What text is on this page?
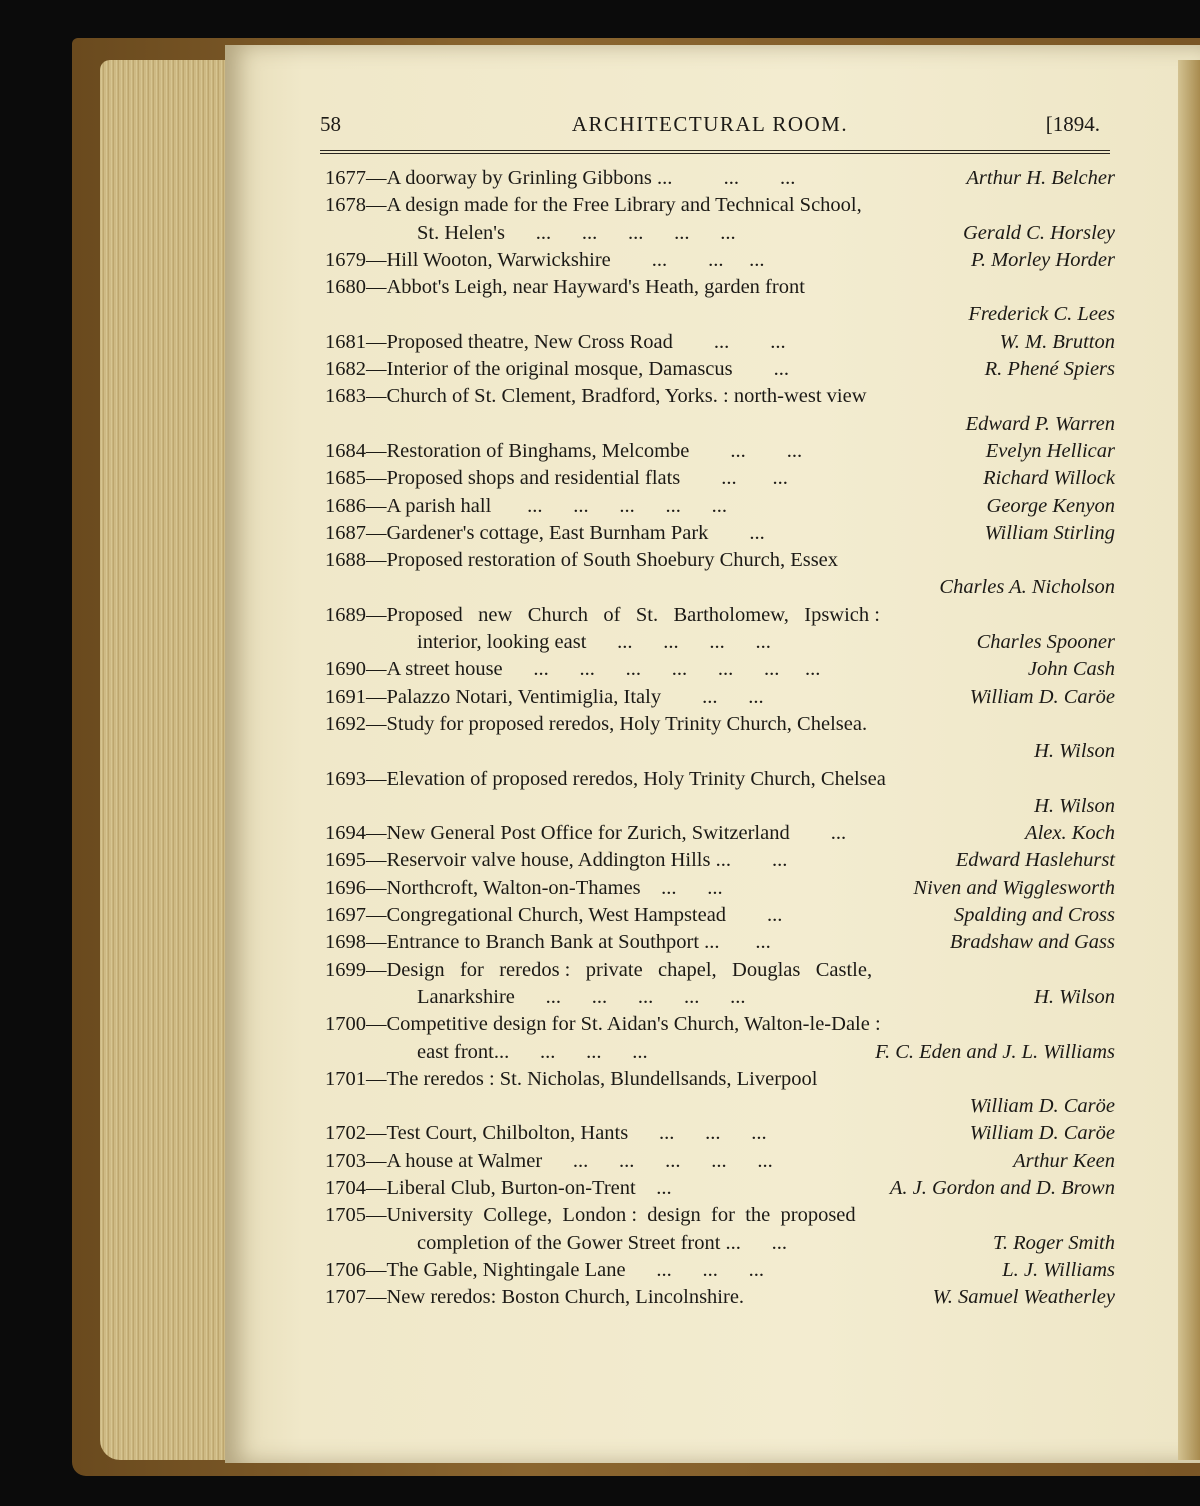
58	ARCHITECTURAL ROOM.	[1894.
1677—A doorway by Grinling Gibbons ...          ...        ...	Arthur H. Belcher
1678—A design made for the Free Library and Technical School,
St. Helen's      ...      ...      ...      ...      ...	Gerald C. Horsley
1679—Hill Wooton, Warwickshire        ...        ...     ...	P. Morley Horder
1680—Abbot's Leigh, near Hayward's Heath, garden front
Frederick C. Lees
1681—Proposed theatre, New Cross Road        ...        ...	W. M. Brutton
1682—Interior of the original mosque, Damascus        ...	R. Phené Spiers
1683—Church of St. Clement, Bradford, Yorks. : north-west view
Edward P. Warren
1684—Restoration of Binghams, Melcombe        ...        ...	Evelyn Hellicar
1685—Proposed shops and residential flats        ...       ...	Richard Willock
1686—A parish hall       ...      ...      ...      ...      ...	George Kenyon
1687—Gardener's cottage, East Burnham Park        ...	William Stirling
1688—Proposed restoration of South Shoebury Church, Essex
Charles A. Nicholson
1689—Proposed   new   Church   of   St.   Bartholomew,   Ipswich :
interior, looking east      ...      ...      ...      ...	Charles Spooner
1690—A street house      ...      ...      ...      ...      ...      ...     ...	John Cash
1691—Palazzo Notari, Ventimiglia, Italy        ...      ...	William D. Caröe
1692—Study for proposed reredos, Holy Trinity Church, Chelsea.
H. Wilson
1693—Elevation of proposed reredos, Holy Trinity Church, Chelsea
H. Wilson
1694—New General Post Office for Zurich, Switzerland        ...	Alex. Koch
1695—Reservoir valve house, Addington Hills ...        ...	Edward Haslehurst
1696—Northcroft, Walton-on-Thames    ...      ...	Niven and Wigglesworth
1697—Congregational Church, West Hampstead        ...	Spalding and Cross
1698—Entrance to Branch Bank at Southport ...       ...	Bradshaw and Gass
1699—Design   for   reredos :   private   chapel,   Douglas   Castle,
Lanarkshire      ...      ...      ...      ...      ...	H. Wilson
1700—Competitive design for St. Aidan's Church, Walton-le-Dale :
east front...      ...      ...      ...	F. C. Eden and J. L. Williams
1701—The reredos : St. Nicholas, Blundellsands, Liverpool
William D. Caröe
1702—Test Court, Chilbolton, Hants      ...      ...      ...	William D. Caröe
1703—A house at Walmer      ...      ...      ...      ...      ...	Arthur Keen
1704—Liberal Club, Burton-on-Trent    ...	A. J. Gordon and D. Brown
1705—University  College,  London :  design  for  the  proposed
completion of the Gower Street front ...      ...	T. Roger Smith
1706—The Gable, Nightingale Lane      ...      ...      ...	L. J. Williams
1707—New reredos: Boston Church, Lincolnshire.	W. Samuel Weatherley
